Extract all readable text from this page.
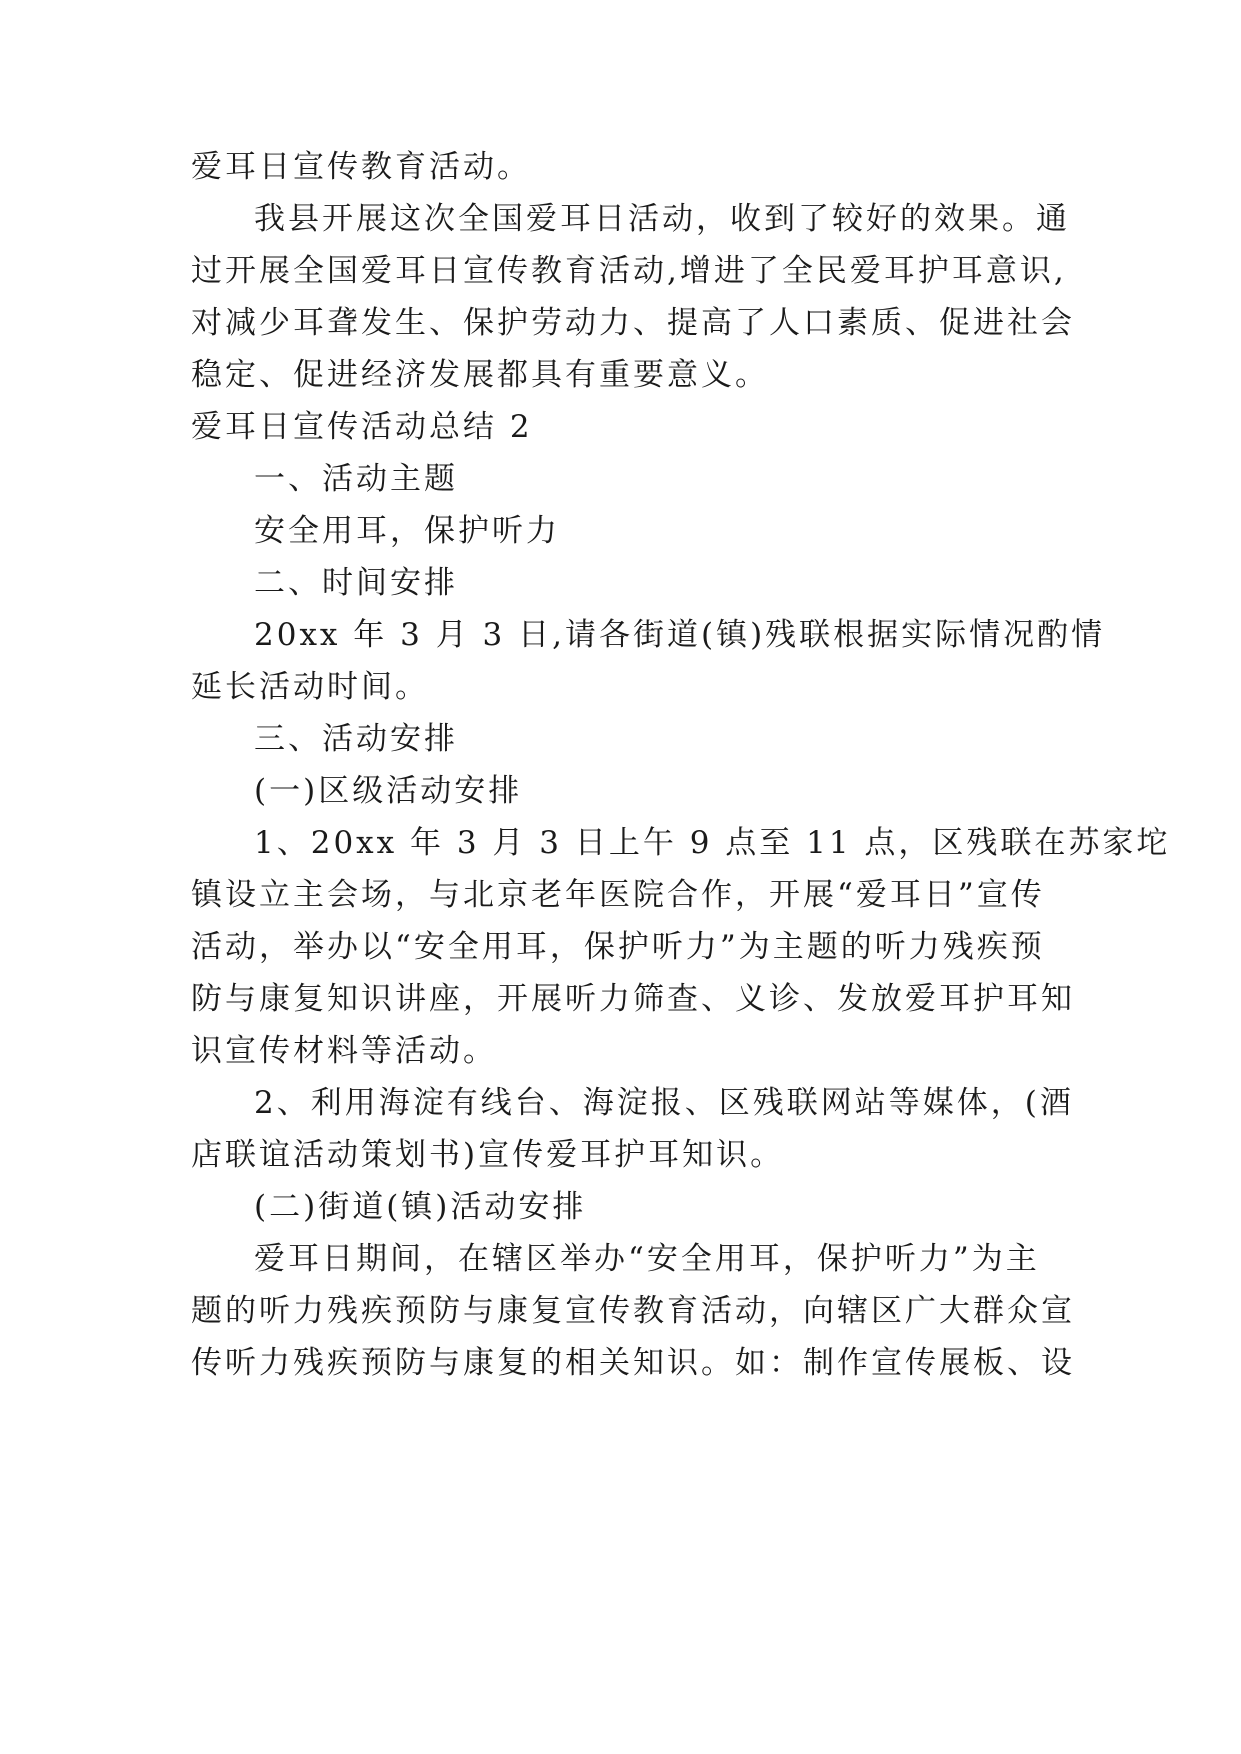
爱耳日宣传教育活动。
我县开展这次全国爱耳日活动，收到了较好的效果。通
过开展全国爱耳日宣传教育活动,增进了全民爱耳护耳意识,
对减少耳聋发生、保护劳动力、提高了人口素质、促进社会
稳定、促进经济发展都具有重要意义。
爱耳日宣传活动总结 2
一、活动主题
安全用耳，保护听力
二、时间安排
20xx 年 3 月 3 日,请各街道(镇)残联根据实际情况酌情
延长活动时间。
三、活动安排
(一)区级活动安排
1、20xx 年 3 月 3 日上午 9 点至 11 点，区残联在苏家坨
镇设立主会场，与北京老年医院合作，开展“爱耳日”宣传
活动，举办以“安全用耳，保护听力”为主题的听力残疾预
防与康复知识讲座，开展听力筛查、义诊、发放爱耳护耳知
识宣传材料等活动。
2、利用海淀有线台、海淀报、区残联网站等媒体，(酒
店联谊活动策划书)宣传爱耳护耳知识。
(二)街道(镇)活动安排
爱耳日期间，在辖区举办“安全用耳，保护听力”为主
题的听力残疾预防与康复宣传教育活动，向辖区广大群众宣
传听力残疾预防与康复的相关知识。如：制作宣传展板、设
